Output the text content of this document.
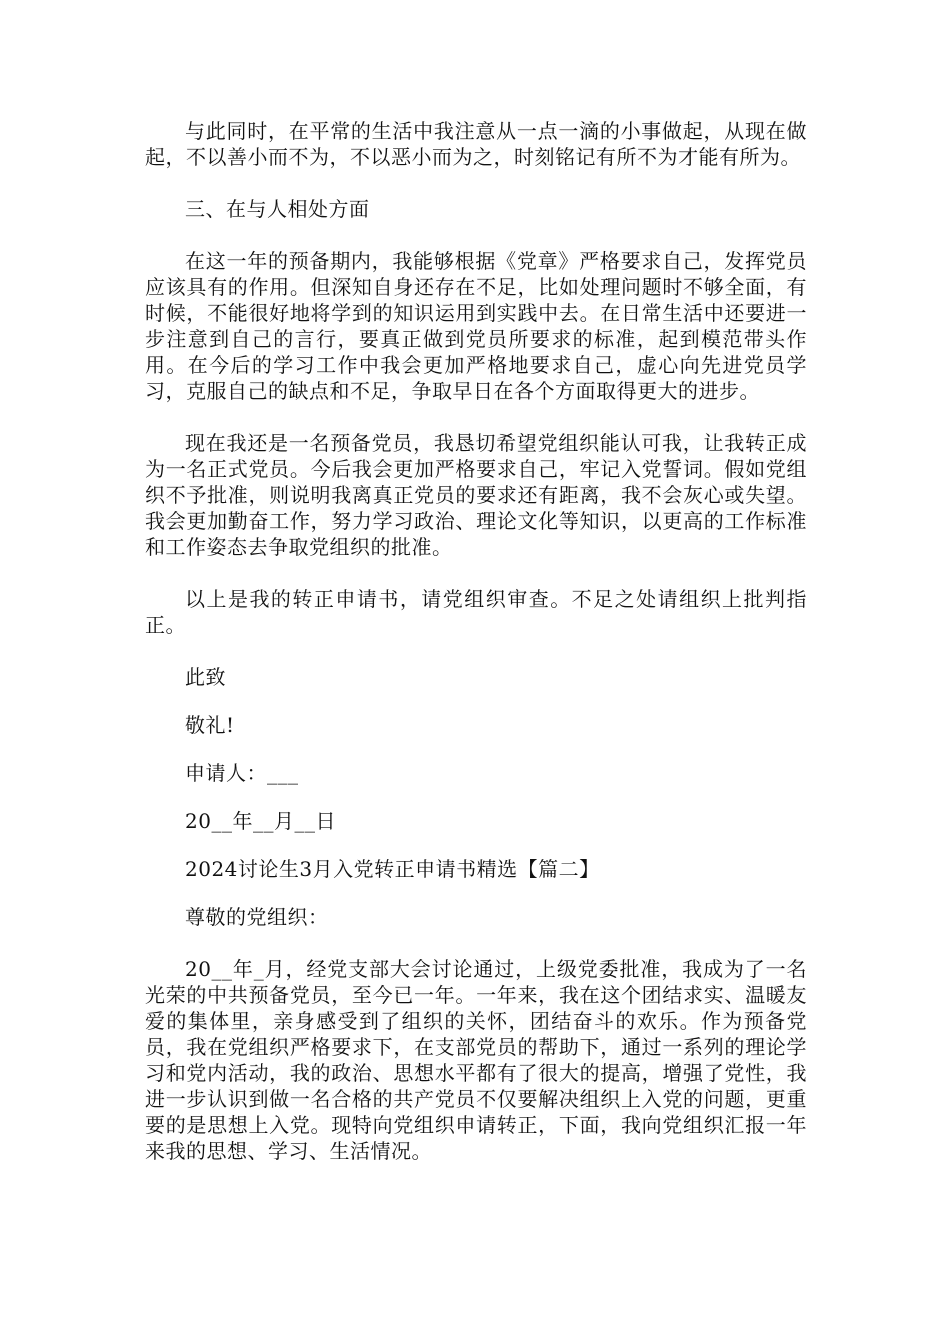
与此同时，在平常的生活中我注意从一点一滴的小事做起，从现在做起，不以善小而不为，不以恶小而为之，时刻铭记有所不为才能有所为。

三、在与人相处方面

在这一年的预备期内，我能够根据《党章》严格要求自己，发挥党员应该具有的作用。但深知自身还存在不足，比如处理问题时不够全面，有时候，不能很好地将学到的知识运用到实践中去。在日常生活中还要进一步注意到自己的言行，要真正做到党员所要求的标准，起到模范带头作用。在今后的学习工作中我会更加严格地要求自己，虚心向先进党员学习，克服自己的缺点和不足，争取早日在各个方面取得更大的进步。

现在我还是一名预备党员，我恳切希望党组织能认可我，让我转正成为一名正式党员。今后我会更加严格要求自己，牢记入党誓词。假如党组织不予批准，则说明我离真正党员的要求还有距离，我不会灰心或失望。我会更加勤奋工作，努力学习政治、理论文化等知识，以更高的工作标准和工作姿态去争取党组织的批准。

以上是我的转正申请书，请党组织审查。不足之处请组织上批判指正。

此致

敬礼!

申请人：___

20__年__月__日

2024讨论生3月入党转正申请书精选【篇二】

尊敬的党组织：

20__年_月，经党支部大会讨论通过，上级党委批准，我成为了一名光荣的中共预备党员，至今已一年。一年来，我在这个团结求实、温暖友爱的集体里，亲身感受到了组织的关怀，团结奋斗的欢乐。作为预备党员，我在党组织严格要求下，在支部党员的帮助下，通过一系列的理论学习和党内活动，我的政治、思想水平都有了很大的提高，增强了党性，我进一步认识到做一名合格的共产党员不仅要解决组织上入党的问题，更重要的是思想上入党。现特向党组织申请转正，下面，我向党组织汇报一年来我的思想、学习、生活情况。
